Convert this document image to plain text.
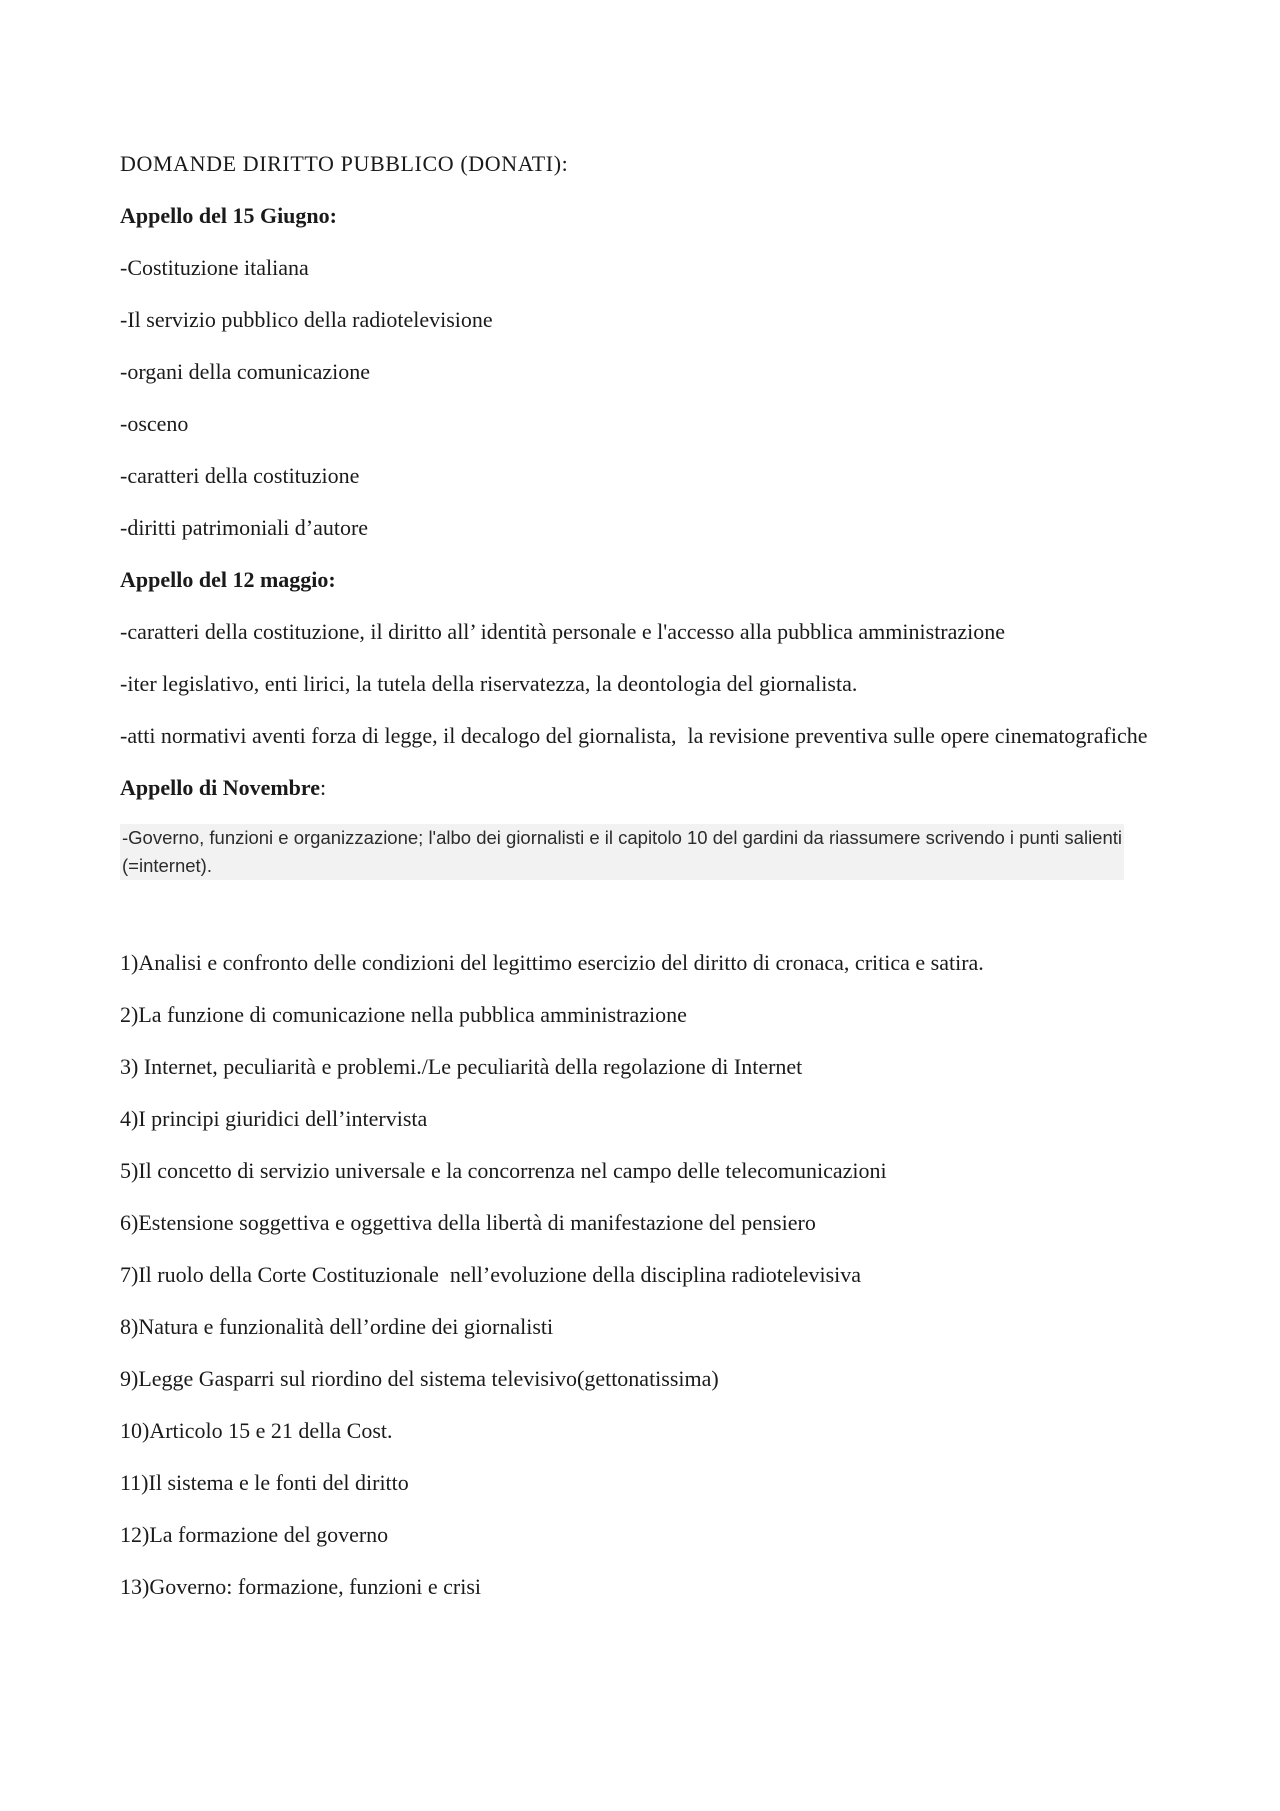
DOMANDE DIRITTO PUBBLICO (DONATI):
Appello del 15 Giugno:
-Costituzione italiana
-Il servizio pubblico della radiotelevisione
-organi della comunicazione
-osceno
-caratteri della costituzione
-diritti patrimoniali d’autore
Appello del 12 maggio:
-caratteri della costituzione, il diritto all’ identità personale e l'accesso alla pubblica amministrazione
-iter legislativo, enti lirici, la tutela della riservatezza, la deontologia del giornalista.
-atti normativi aventi forza di legge, il decalogo del giornalista,  la revisione preventiva sulle opere cinematografiche
Appello di Novembre:
-Governo, funzioni e organizzazione; l'albo dei giornalisti e il capitolo 10 del gardini da riassumere scrivendo i punti salienti (=internet).
1)Analisi e confronto delle condizioni del legittimo esercizio del diritto di cronaca, critica e satira.
2)La funzione di comunicazione nella pubblica amministrazione
3) Internet, peculiarità e problemi./Le peculiarità della regolazione di Internet
4)I principi giuridici dell’intervista
5)Il concetto di servizio universale e la concorrenza nel campo delle telecomunicazioni
6)Estensione soggettiva e oggettiva della libertà di manifestazione del pensiero
7)Il ruolo della Corte Costituzionale  nell’evoluzione della disciplina radiotelevisiva
8)Natura e funzionalità dell’ordine dei giornalisti
9)Legge Gasparri sul riordino del sistema televisivo(gettonatissima)
10)Articolo 15 e 21 della Cost.
11)Il sistema e le fonti del diritto
12)La formazione del governo
13)Governo: formazione, funzioni e crisi
